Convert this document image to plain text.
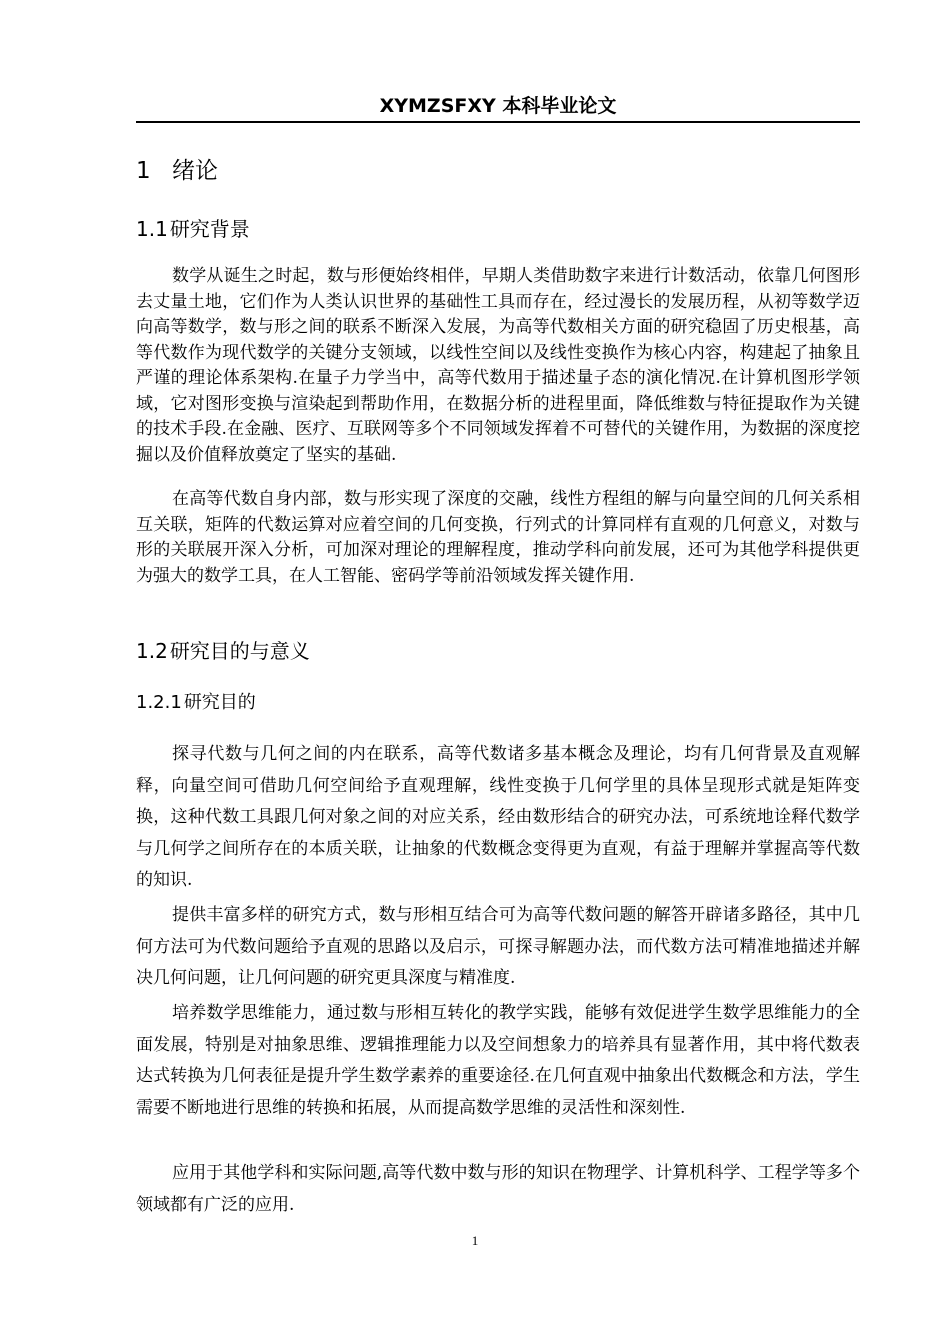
XYMZSFXY 本科毕业论文
1 绪论
1.1 研究背景

数学从诞生之时起，数与形便始终相伴，早期人类借助数字来进行计数活动，依靠几何图形去丈量土地，它们作为人类认识世界的基础性工具而存在，经过漫长的发展历程，从初等数学迈向高等数学，数与形之间的联系不断深入发展，为高等代数相关方面的研究稳固了历史根基，高等代数作为现代数学的关键分支领域，以线性空间以及线性变换作为核心内容，构建起了抽象且严谨的理论体系架构.在量子力学当中，高等代数用于描述量子态的演化情况.在计算机图形学领域，它对图形变换与渲染起到帮助作用，在数据分析的进程里面，降低维数与特征提取作为关键的技术手段.在金融、医疗、互联网等多个不同领域发挥着不可替代的关键作用，为数据的深度挖掘以及价值释放奠定了坚实的基础.

在高等代数自身内部，数与形实现了深度的交融，线性方程组的解与向量空间的几何关系相互关联，矩阵的代数运算对应着空间的几何变换，行列式的计算同样有直观的几何意义，对数与形的关联展开深入分析，可加深对理论的理解程度，推动学科向前发展，还可为其他学科提供更为强大的数学工具，在人工智能、密码学等前沿领域发挥关键作用.

1.2 研究目的与意义
1.2.1 研究目的

探寻代数与几何之间的内在联系，高等代数诸多基本概念及理论，均有几何背景及直观解释，向量空间可借助几何空间给予直观理解，线性变换于几何学里的具体呈现形式就是矩阵变换，这种代数工具跟几何对象之间的对应关系，经由数形结合的研究办法，可系统地诠释代数学与几何学之间所存在的本质关联，让抽象的代数概念变得更为直观，有益于理解并掌握高等代数的知识.

提供丰富多样的研究方式，数与形相互结合可为高等代数问题的解答开辟诸多路径，其中几何方法可为代数问题给予直观的思路以及启示，可探寻解题办法，而代数方法可精准地描述并解决几何问题，让几何问题的研究更具深度与精准度.

培养数学思维能力，通过数与形相互转化的教学实践，能够有效促进学生数学思维能力的全面发展，特别是对抽象思维、逻辑推理能力以及空间想象力的培养具有显著作用，其中将代数表达式转换为几何表征是提升学生数学素养的重要途径.在几何直观中抽象出代数概念和方法，学生需要不断地进行思维的转换和拓展，从而提高数学思维的灵活性和深刻性.

应用于其他学科和实际问题,高等代数中数与形的知识在物理学、计算机科学、工程学等多个领域都有广泛的应用.

1
